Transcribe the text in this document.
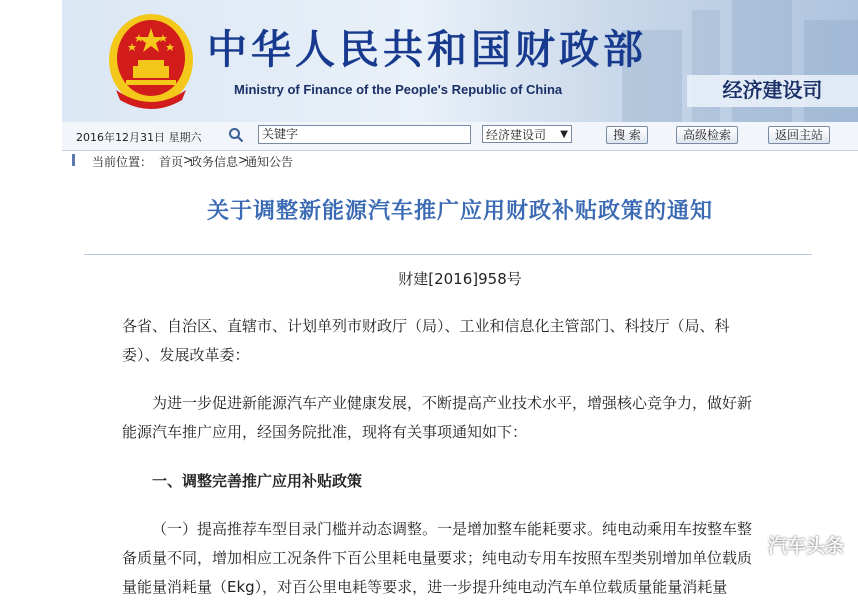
中华人民共和国财政部
Ministry of Finance of the People's Republic of China	经济建设司
2016年12月31日 星期六	关键字	经济建设司 ▼	搜 索	高级检索	返回主站
当前位置： 首页 >
政务信息 >
通知公告
关于调整新能源汽车推广应用财政补贴政策的通知
财建[2016]958号
各省、自治区、直辖市、计划单列市财政厅（局）、工业和信息化主管部门、科技厅（局、科
委）、发展改革委：
为进一步促进新能源汽车产业健康发展，不断提高产业技术水平，增强核心竞争力，做好新
能源汽车推广应用，经国务院批准，现将有关事项通知如下：
一、调整完善推广应用补贴政策
（一）提高推荐车型目录门槛并动态调整。一是增加整车能耗要求。纯电动乘用车按整车整
备质量不同，增加相应工况条件下百公里耗电量要求；纯电动专用车按照车型类别增加单位载质
量能量消耗量（Ekg），对百公里电耗等要求，进一步提升纯电动汽车单位载质量能量消耗量
汽车头条
